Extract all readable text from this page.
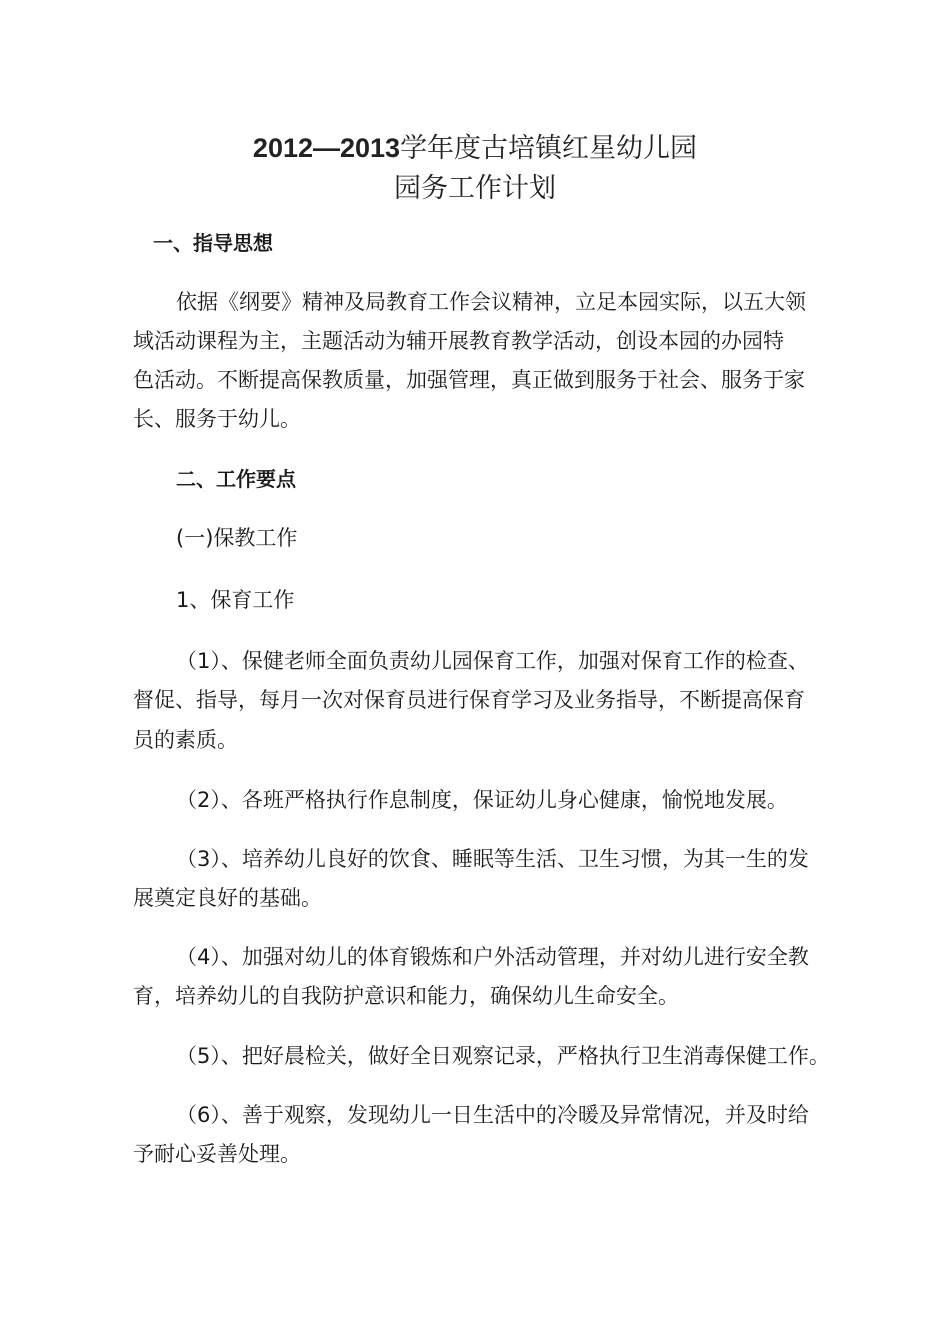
2012—2013学年度古培镇红星幼儿园
园务工作计划
一、指导思想
依据《纲要》精神及局教育工作会议精神，立足本园实际，以五大领
域活动课程为主，主题活动为辅开展教育教学活动，创设本园的办园特
色活动。不断提高保教质量，加强管理，真正做到服务于社会、服务于家
长、服务于幼儿。
二、工作要点
(一)保教工作
1、保育工作
（1）、保健老师全面负责幼儿园保育工作，加强对保育工作的检查、
督促、指导，每月一次对保育员进行保育学习及业务指导，不断提高保育
员的素质。
（2）、各班严格执行作息制度，保证幼儿身心健康，愉悦地发展。
（3）、培养幼儿良好的饮食、睡眠等生活、卫生习惯，为其一生的发
展奠定良好的基础。
（4）、加强对幼儿的体育锻炼和户外活动管理，并对幼儿进行安全教
育，培养幼儿的自我防护意识和能力，确保幼儿生命安全。
（5）、把好晨检关，做好全日观察记录，严格执行卫生消毒保健工作。
（6）、善于观察，发现幼儿一日生活中的冷暖及异常情况，并及时给
予耐心妥善处理。
